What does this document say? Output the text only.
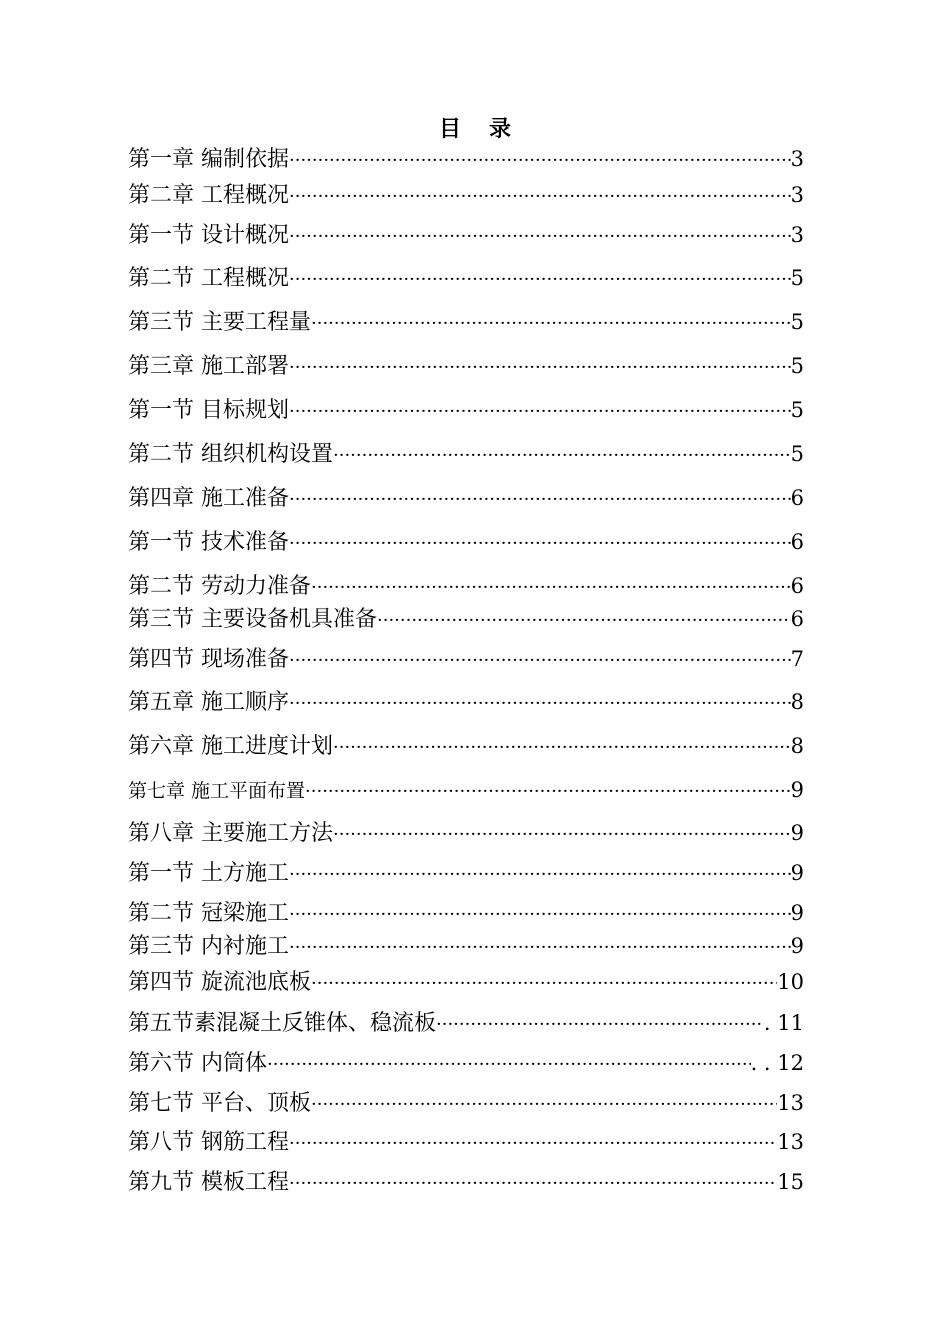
目录
第一章 编制依据 ·····	3
第二章 工程概况 ·····	3
第一节 设计概况 ·····	3
第二节 工程概况 ·····	5
第三节 主要工程量 ·····	5
第三章 施工部署 ·····	5
第一节 目标规划 ·····	5
第二节 组织机构设置 ·····	5
第四章 施工准备 ·····	6
第一节 技术准备 ·····	6
第二节 劳动力准备 ·····	6
第三节 主要设备机具准备 ·····	6
第四节 现场准备 ·····	7
第五章 施工顺序 ·····	8
第六章 施工进度计划 ·····	8
第七章 施工平面布置 ·····	9
第八章 主要施工方法 ·····	9
第一节 土方施工 ·····	9
第二节 冠梁施工 ·····	9
第三节 内衬施工 ·····	9
第四节 旋流池底板 ·····	10
第五节素混凝土反锥体、稳流板 ·····	. 11
第六节 内筒体 ·····	. . 12
第七节 平台、顶板 ·····	13
第八节 钢筋工程 ·····	13
第九节 模板工程 ·····	15
